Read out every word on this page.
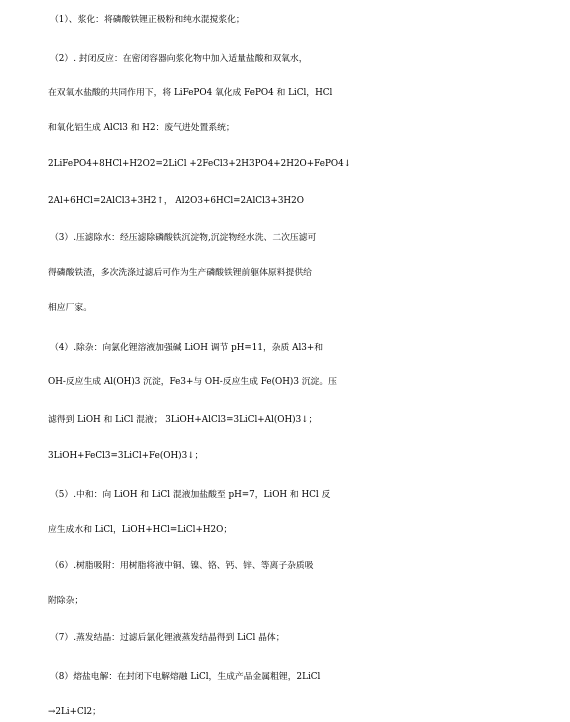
（1）、浆化：将磷酸铁锂正极粉和纯水混搅浆化；
（2）. 封闭反应：在密闭容器向浆化物中加入适量盐酸和双氧水，
在双氧水盐酸的共同作用下，将 LiFePO4 氧化成 FePO4 和 LiCl，HCl
和氧化铝生成 AlCl3 和 H2：废气进处置系统；
2LiFePO4+8HCl+H2O2=2LiCl +2FeCl3+2H3PO4+2H2O+FePO4↓
2Al+6HCl=2AlCl3+3H2↑， Al2O3+6HCl=2AlCl3+3H2O
（3）.压滤除水：经压滤除磷酸铁沉淀物,沉淀物经水洗、二次压滤可
得磷酸铁渣，多次洗涤过滤后可作为生产磷酸铁锂前躯体原料提供给
相应厂家。
（4）.除杂：向氯化锂溶液加强碱 LiOH 调节 pH=11，杂质 Al3+和
OH-反应生成 Al(OH)3 沉淀，Fe3+与 OH-反应生成 Fe(OH)3 沉淀。压
滤得到 LiOH 和 LiCl 混液； 3LiOH+AlCl3=3LiCl+Al(OH)3↓；
3LiOH+FeCl3=3LiCl+Fe(OH)3↓；
（5）.中和：向 LiOH 和 LiCl 混液加盐酸至 pH=7，LiOH 和 HCl 反
应生成水和 LiCl，LiOH+HCl=LiCl+H2O；
（6）.树脂吸附：用树脂将液中铜、镍、铬、钙、锌、等离子杂质吸
附除杂；
（7）.蒸发结晶：过滤后氯化锂液蒸发结晶得到 LiCl 晶体；
（8）熔盐电解：在封闭下电解熔融 LiCl，生成产品金属粗锂，2LiCl
→2Li+Cl2；
